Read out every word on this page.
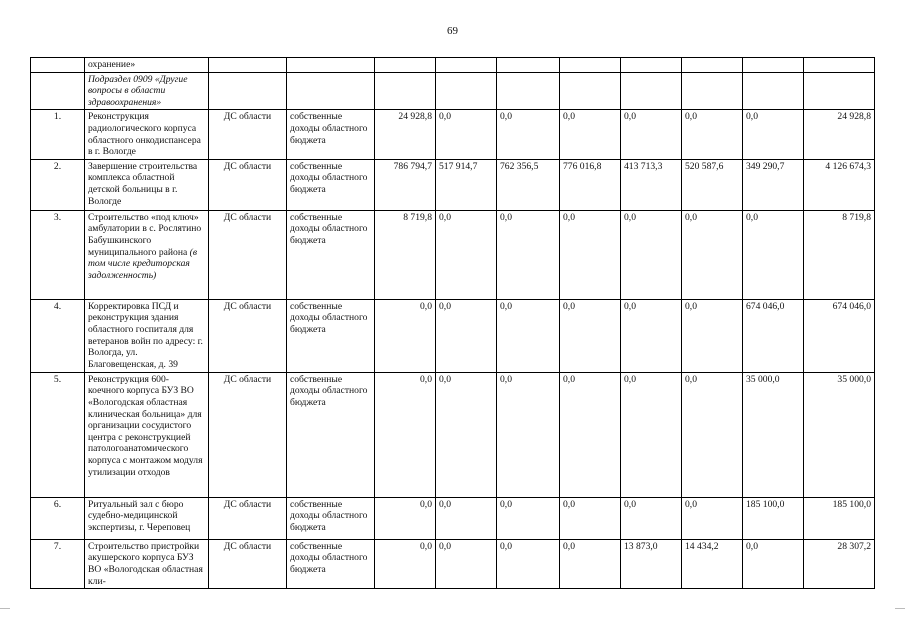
69
	охранение»										
	Подраздел 0909 «Другие вопросы в области здравоохранения»										
1.	Реконструкция радиологического корпуса областного онкодиспансера в г. Вологде	ДС области	собственные доходы областного бюджета	24 928,8	0,0	0,0	0,0	0,0	0,0	0,0	24 928,8
2.	Завершение строительства комплекса областной детской больницы в г. Вологде	ДС области	собственные доходы областного бюджета	786 794,7	517 914,7	762 356,5	776 016,8	413 713,3	520 587,6	349 290,7	4 126 674,3
3.	Строительство «под ключ» амбулатории в с. Рослятино Бабушкинского муниципального района (в том числе кредиторская задолженность)	ДС области	собственные доходы областного бюджета	8 719,8	0,0	0,0	0,0	0,0	0,0	0,0	8 719,8
4.	Корректировка ПСД и реконструкция здания областного госпиталя для ветеранов войн по адресу: г. Вологда, ул. Благовещенская, д. 39	ДС области	собственные доходы областного бюджета	0,0	0,0	0,0	0,0	0,0	0,0	674 046,0	674 046,0
5.	Реконструкция 600-коечного корпуса БУЗ ВО «Вологодская областная клиническая больница» для организации сосудистого центра с реконструкцией патологоанатомического корпуса с монтажом модуля утилизации отходов	ДС области	собственные доходы областного бюджета	0,0	0,0	0,0	0,0	0,0	0,0	35 000,0	35 000,0
6.	Ритуальный зал с бюро судебно-медицинской экспертизы, г. Череповец	ДС области	собственные доходы областного бюджета	0,0	0,0	0,0	0,0	0,0	0,0	185 100,0	185 100,0
7.	Строительство пристройки акушерского корпуса БУЗ ВО «Вологодская областная кли-	ДС области	собственные доходы областного бюджета	0,0	0,0	0,0	0,0	13 873,0	14 434,2	0,0	28 307,2
